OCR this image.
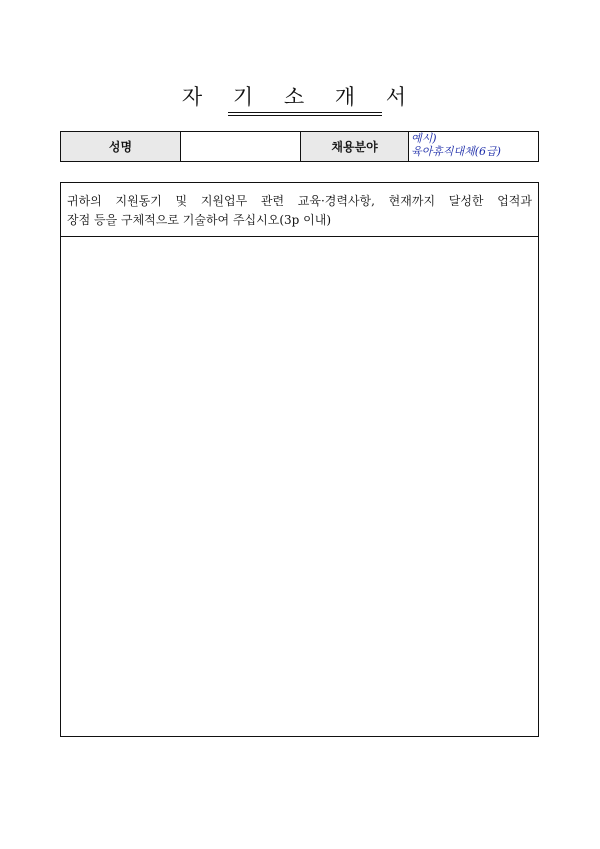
자 기 소 개 서
성명	채용분야
예시)
육아휴직대체(6급)
귀하의 지원동기 및 지원업무 관련 교육·경력사항, 현재까지 달성한 업적과
장점 등을 구체적으로 기술하여 주십시오(3p 이내)
